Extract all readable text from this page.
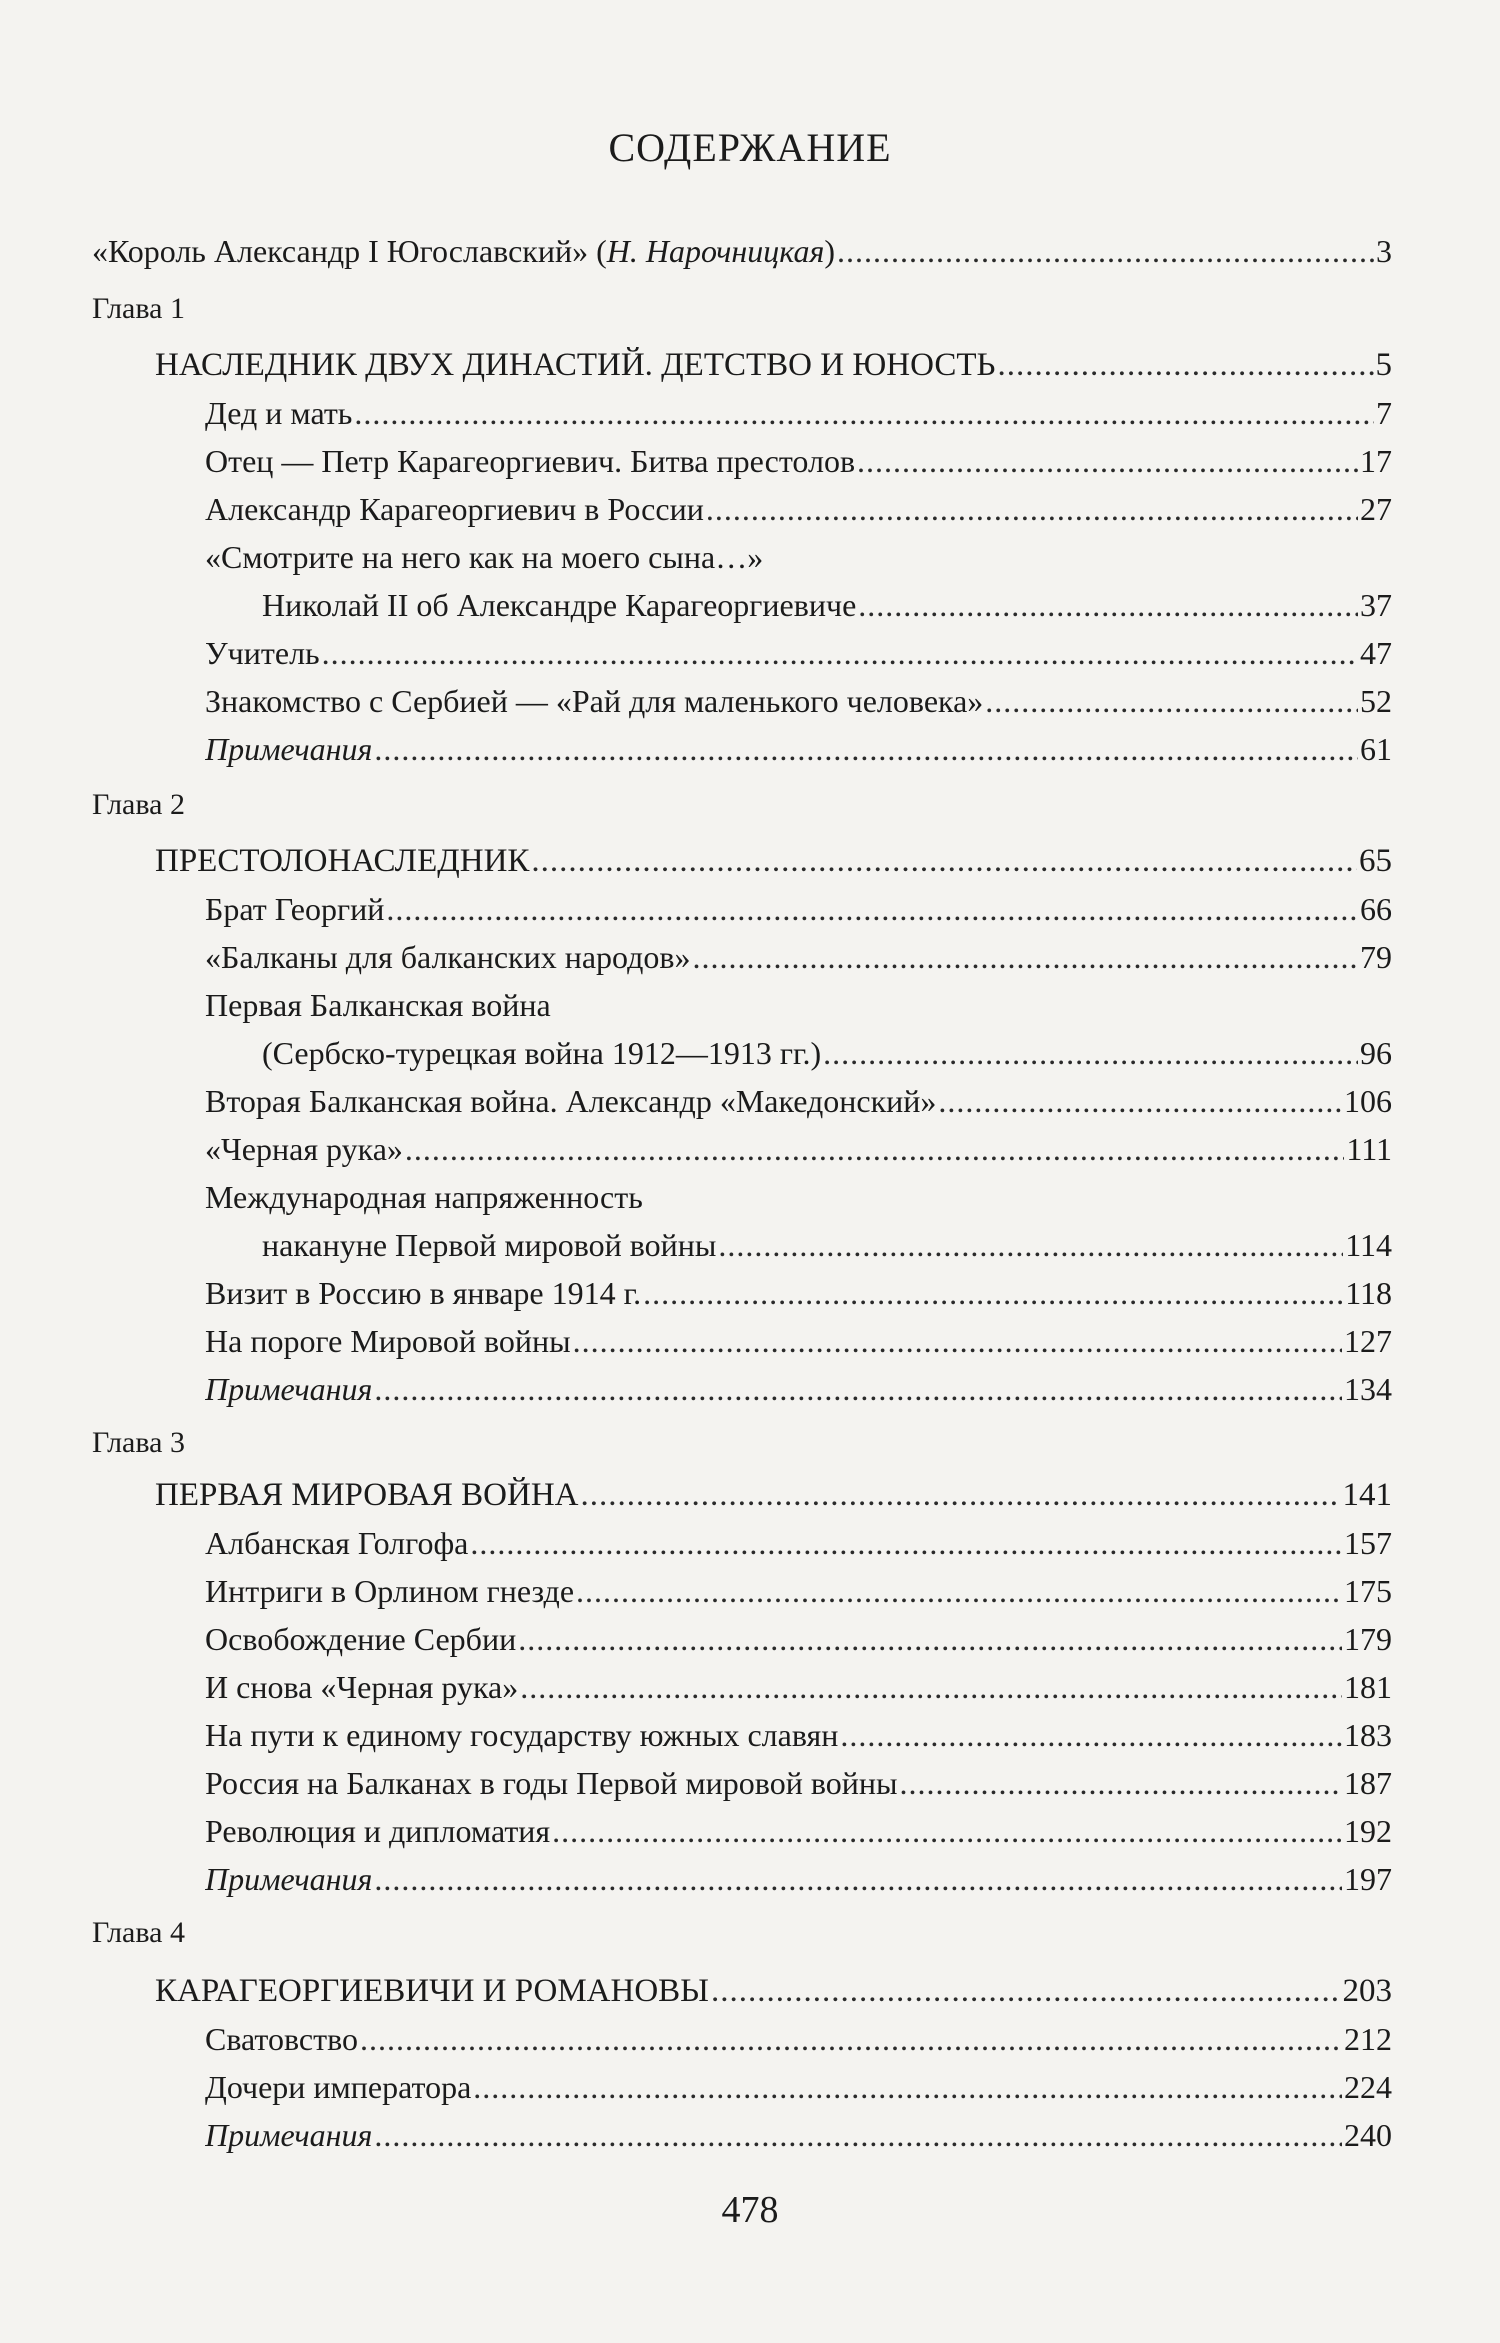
СОДЕРЖАНИЕ
«Король Александр I Югославский» (Н. Нарочницкая) .....	3
Глава 1
НАСЛЕДНИК ДВУХ ДИНАСТИЙ. ДЕТСТВО И ЮНОСТЬ .....	5
Дед и мать .....	7
Отец — Петр Карагеоргиевич. Битва престолов .....	17
Александр Карагеоргиевич в России .....	27
«Смотрите на него как на моего сына…»
Николай II об Александре Карагеоргиевиче .....	37
Учитель .....	47
Знакомство с Сербией — «Рай для маленького человека» .....	52
Примечания .....	61
Глава 2
ПРЕСТОЛОНАСЛЕДНИК .....	65
Брат Георгий .....	66
«Балканы для балканских народов» .....	79
Первая Балканская война
(Сербско-турецкая война 1912—1913 гг.) .....	96
Вторая Балканская война. Александр «Македонский» .....	106
«Черная рука» .....	111
Международная напряженность
накануне Первой мировой войны .....	114
Визит в Россию в январе 1914 г. .....	118
На пороге Мировой войны .....	127
Примечания .....	134
Глава 3
ПЕРВАЯ МИРОВАЯ ВОЙНА .....	141
Албанская Голгофа .....	157
Интриги в Орлином гнезде .....	175
Освобождение Сербии .....	179
И снова «Черная рука» .....	181
На пути к единому государству южных славян .....	183
Россия на Балканах в годы Первой мировой войны .....	187
Революция и дипломатия .....	192
Примечания .....	197
Глава 4
КАРАГЕОРГИЕВИЧИ И РОМАНОВЫ .....	203
Сватовство .....	212
Дочери императора .....	224
Примечания .....	240
478
